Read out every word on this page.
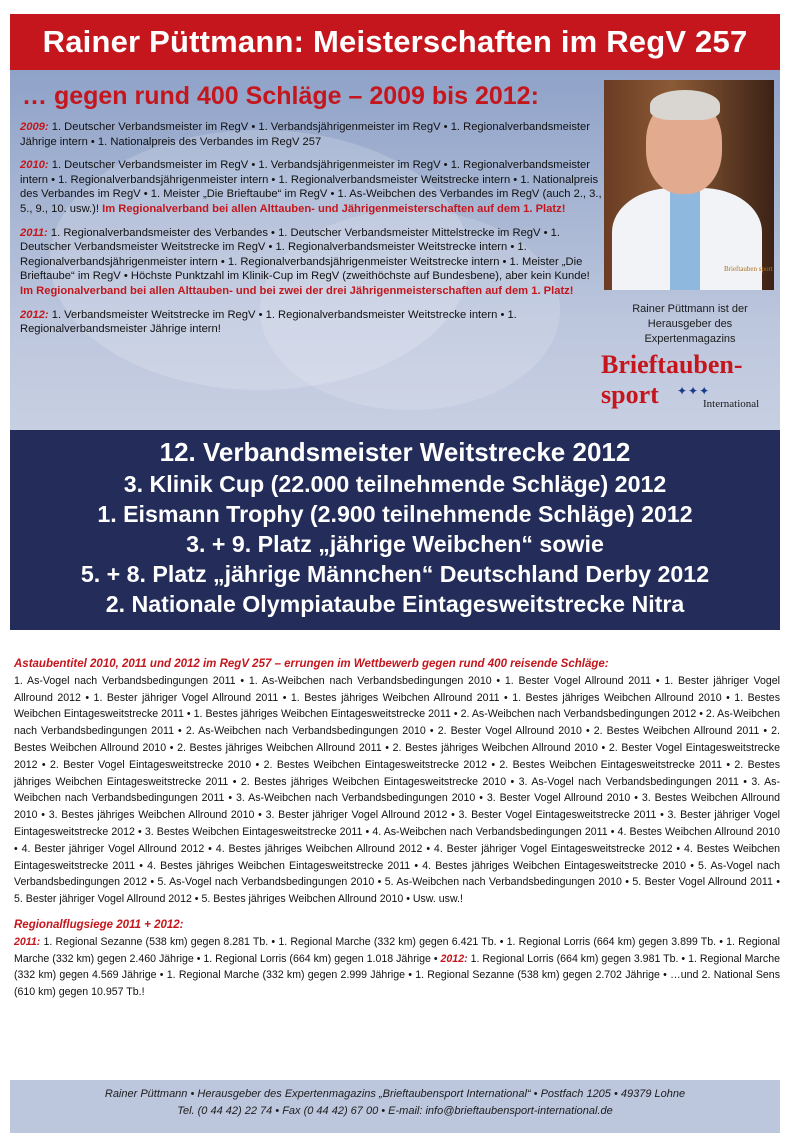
Rainer Püttmann: Meisterschaften im RegV 257
… gegen rund 400 Schläge – 2009 bis 2012:

2009: 1. Deutscher Verbandsmeister im RegV • 1. Verbandsjährigenmeister im RegV • 1. Regionalverbandsmeister Jährige intern • 1. Nationalpreis des Verbandes im RegV 257

2010: 1. Deutscher Verbandsmeister im RegV • 1. Verbandsjährigenmeister im RegV • 1. Regionalverbandsmeister intern • 1. Regionalverbandsjährigenmeister intern • 1. Regionalverbandsmeister Weitstrecke intern • 1. Nationalpreis des Verbandes im RegV • 1. Meister „Die Brieftaube“ im RegV • 1. As-Weibchen des Verbandes im RegV (auch 2., 3., 5., 9., 10. usw.)! Im Regionalverband bei allen Alttauben- und Jährigenmeisterschaften auf dem 1. Platz!

2011: 1. Regionalverbandsmeister des Verbandes • 1. Deutscher Verbandsmeister Mittelstrecke im RegV • 1. Deutscher Verbandsmeister Weitstrecke im RegV • 1. Regionalverbandsmeister Weitstrecke intern • 1. Regionalverbandsjährigenmeister intern • 1. Regionalverbandsjährigenmeister Weitstrecke intern • 1. Meister „Die Brieftaube“ im RegV • Höchste Punktzahl im Klinik-Cup im RegV (zweithöchste auf Bundesbene), aber kein Kunde! Im Regionalverband bei allen Alttauben- und bei zwei der drei Jährigenmeisterschaften auf dem 1. Platz!

2012: 1. Verbandsmeister Weitstrecke im RegV • 1. Regionalverbandsmeister Weitstrecke intern • 1. Regionalverbandsmeister Jährige intern!

Brieftauben sport
Rainer Püttmann ist der
Herausgeber des
Expertenmagazins
Brieftauben-
sport ✦✦✦
International
12. Verbandsmeister Weitstrecke 2012
3. Klinik Cup (22.000 teilnehmende Schläge) 2012
1. Eismann Trophy (2.900 teilnehmende Schläge) 2012
3. + 9. Platz „jährige Weibchen“ sowie
5. + 8. Platz „jährige Männchen“ Deutschland Derby 2012
2. Nationale Olympiataube Eintagesweitstrecke Nitra

Astaubentitel 2010, 2011 und 2012 im RegV 257 – errungen im Wettbewerb gegen rund 400 reisende Schläge:

1. As-Vogel nach Verbandsbedingungen 2011 • 1. As-Weibchen nach Verbandsbedingungen 2010 • 1. Bester Vogel Allround 2011 • 1. Bester jähriger Vogel Allround 2012 • 1. Bester jähriger Vogel Allround 2011 • 1. Bestes jähriges Weibchen Allround 2011 • 1. Bestes jähriges Weibchen Allround 2010 • 1. Bestes Weibchen Eintagesweitstrecke 2011 • 1. Bestes jähriges Weibchen Eintagesweitstrecke 2011 • 2. As-Weibchen nach Verbandsbedingungen 2012 • 2. As-Weibchen nach Verbandsbedingungen 2011 • 2. As-Weibchen nach Verbandsbedingungen 2010 • 2. Bester Vogel Allround 2010 • 2. Bestes Weibchen Allround 2011 • 2. Bestes Weibchen Allround 2010 • 2. Bestes jähriges Weibchen Allround 2011 • 2. Bestes jähriges Weibchen Allround 2010 • 2. Bester Vogel Eintagesweitstrecke 2012 • 2. Bester Vogel Eintagesweitstrecke 2010 • 2. Bestes Weibchen Eintagesweitstrecke 2012 • 2. Bestes Weibchen Eintagesweitstrecke 2011 • 2. Bestes jähriges Weibchen Eintagesweitstrecke 2011 • 2. Bestes jähriges Weibchen Eintagesweitstrecke 2010 • 3. As-Vogel nach Verbandsbedingungen 2011 • 3. As-Weibchen nach Verbandsbedingungen 2011 • 3. As-Weibchen nach Verbandsbedingungen 2010 • 3. Bester Vogel Allround 2010 • 3. Bestes Weibchen Allround 2010 • 3. Bestes jähriges Weibchen Allround 2010 • 3. Bester jähriger Vogel Allround 2012 • 3. Bester Vogel Eintagesweitstrecke 2011 • 3. Bester jähriger Vogel Eintagesweitstrecke 2012 • 3. Bestes Weibchen Eintagesweitstrecke 2011 • 4. As-Weibchen nach Verbandsbedingungen 2011 • 4. Bestes Weibchen Allround 2010 • 4. Bester jähriger Vogel Allround 2012 • 4. Bestes jähriges Weibchen Allround 2012 • 4. Bester jähriger Vogel Eintagesweitstrecke 2012 • 4. Bestes Weibchen Eintagesweitstrecke 2011 • 4. Bestes jähriges Weibchen Eintagesweitstrecke 2011 • 4. Bestes jähriges Weibchen Eintagesweitstrecke 2010 • 5. As-Vogel nach Verbandsbedingungen 2012 • 5. As-Vogel nach Verbandsbedingungen 2010 • 5. As-Weibchen nach Verbandsbedingungen 2010 • 5. Bester Vogel Allround 2011 • 5. Bester jähriger Vogel Allround 2012 • 5. Bestes jähriges Weibchen Allround 2010 • Usw. usw.!

Regionalflugsiege 2011 + 2012:

2011: 1. Regional Sezanne (538 km) gegen 8.281 Tb. • 1. Regional Marche (332 km) gegen 6.421 Tb. • 1. Regional Lorris (664 km) gegen 3.899 Tb. • 1. Regional Marche (332 km) gegen 2.460 Jährige • 1. Regional Lorris (664 km) gegen 1.018 Jährige • 2012: 1. Regional Lorris (664 km) gegen 3.981 Tb. • 1. Regional Marche (332 km) gegen 4.569 Jährige • 1. Regional Marche (332 km) gegen 2.999 Jährige • 1. Regional Sezanne (538 km) gegen 2.702 Jährige • …und 2. National Sens (610 km) gegen 10.957 Tb.!

Rainer Püttmann • Herausgeber des Expertenmagazins „Brieftaubensport International“ • Postfach 1205 • 49379 Lohne
Tel. (0 44 42) 22 74 • Fax (0 44 42) 67 00 • E-mail: info@brieftaubensport-international.de
